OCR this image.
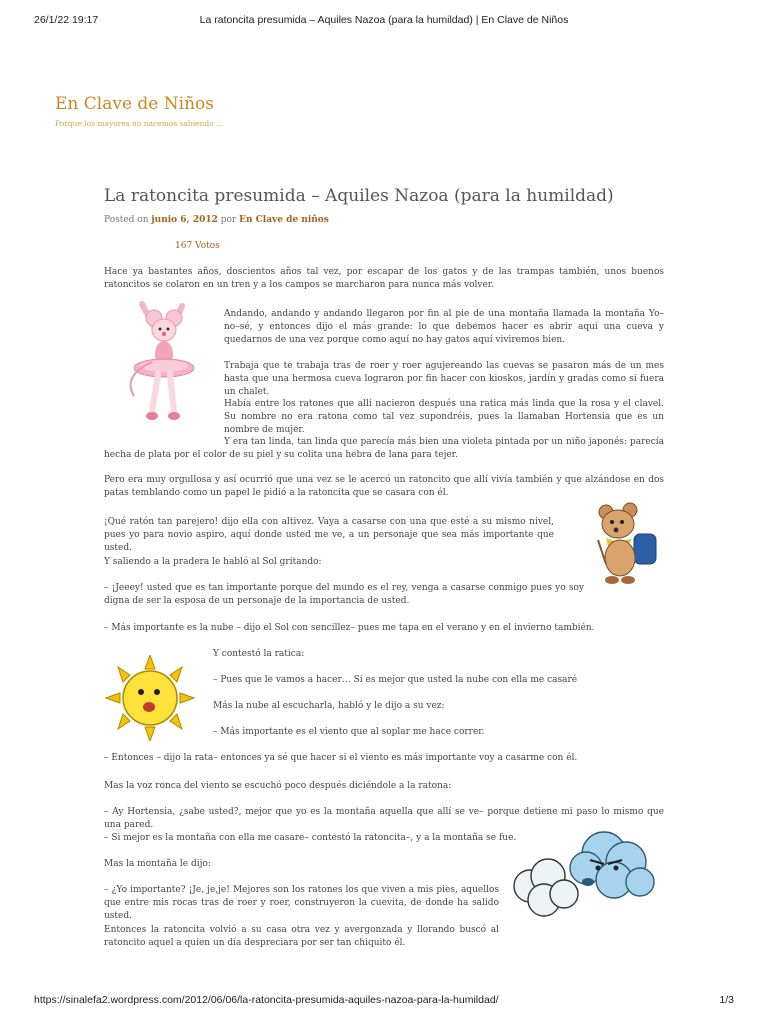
26/1/22 19:17	La ratoncita presumida – Aquiles Nazoa (para la humildad) | En Clave de Niños
En Clave de Niños
Porque los mayores no nacemos sabiendo ...
La ratoncita presumida – Aquiles Nazoa (para la humildad)
Posted on junio 6, 2012 por En Clave de niños
167 Votos
Hace ya bastantes años, doscientos años tal vez, por escapar de los gatos y de las trampas también, unos buenos ratoncitos se colaron en un tren y a los campos se marcharon para nunca más volver.
Andando, andando y andando llegaron por fin al pie de una montaña llamada la montaña Yo–no–sé, y entonces dijo el más grande: lo que debemos hacer es abrir aquí una cueva y quedarnos de una vez porque como aquí no hay gatos aquí viviremos bien.
Trabaja que te trabaja tras de roer y roer agujereando las cuevas se pasaron más de un mes hasta que una hermosa cueva lograron por fin hacer con kioskos, jardín y gradas como si fuera un chalet.
Había entre los ratones que allí nacieron después una ratica más linda que la rosa y el clavel. Su nombre no era ratona como tal vez supondréis, pues la llamaban Hortensia que es un nombre de mujer.
Y era tan linda, tan linda que parecía más bien una violeta pintada por un niño japonés: parecía hecha de plata por el color de su piel y su colita una hebra de lana para tejer.
Pero era muy orgullosa y así ocurrió que una vez se le acercó un ratoncito que allí vivía también y que alzándose en dos patas temblando como un papel le pidió a la ratoncita que se casara con él.
¡Qué ratón tan parejero! dijo ella con altivez. Vaya a casarse con una que esté a su mismo nivel, pues yo para novio aspiro, aquí donde usted me ve, a un personaje que sea más importante que usted.
Y saliendo a la pradera le habló al Sol gritando:
– ¡Jeeey! usted que es tan importante porque del mundo es el rey, venga a casarse conmigo pues yo soy digna de ser la esposa de un personaje de la importancia de usted.
– Más importante es la nube – dijo el Sol con sencillez– pues me tapa en el verano y en el invierno también.
Y contestó la ratica:
– Pues que le vamos a hacer… Si es mejor que usted la nube con ella me casaré
Más la nube al escucharla, habló y le dijo a su vez:
– Más importante es el viento que al soplar me hace correr.
– Entonces – dijo la rata– entonces ya sé que hacer si el viento es más importante voy a casarme con él.
Mas la voz ronca del viento se escuchó poco después diciéndole a la ratona:
– Ay Hortensia, ¿sabe usted?, mejor que yo es la montaña aquella que allí se ve– porque detiene mi paso lo mismo que una pared.
– Si mejor es la montaña con ella me casare– contestó la ratoncita–, y a la montaña se fue.
Mas la montaña le dijo:
– ¿Yo importante? ¡Je, je,je! Mejores son los ratones los que viven a mis pies, aquellos que entre mis rocas tras de roer y roer, construyeron la cuevita, de donde ha salido usted.
Entonces la ratoncita volvió a su casa otra vez y avergonzada y llorando buscó al ratoncito aquel a quien un día despreciara por ser tan chiquito él.
https://sinalefa2.wordpress.com/2012/06/06/la-ratoncita-presumida-aquiles-nazoa-para-la-humildad/	1/3
